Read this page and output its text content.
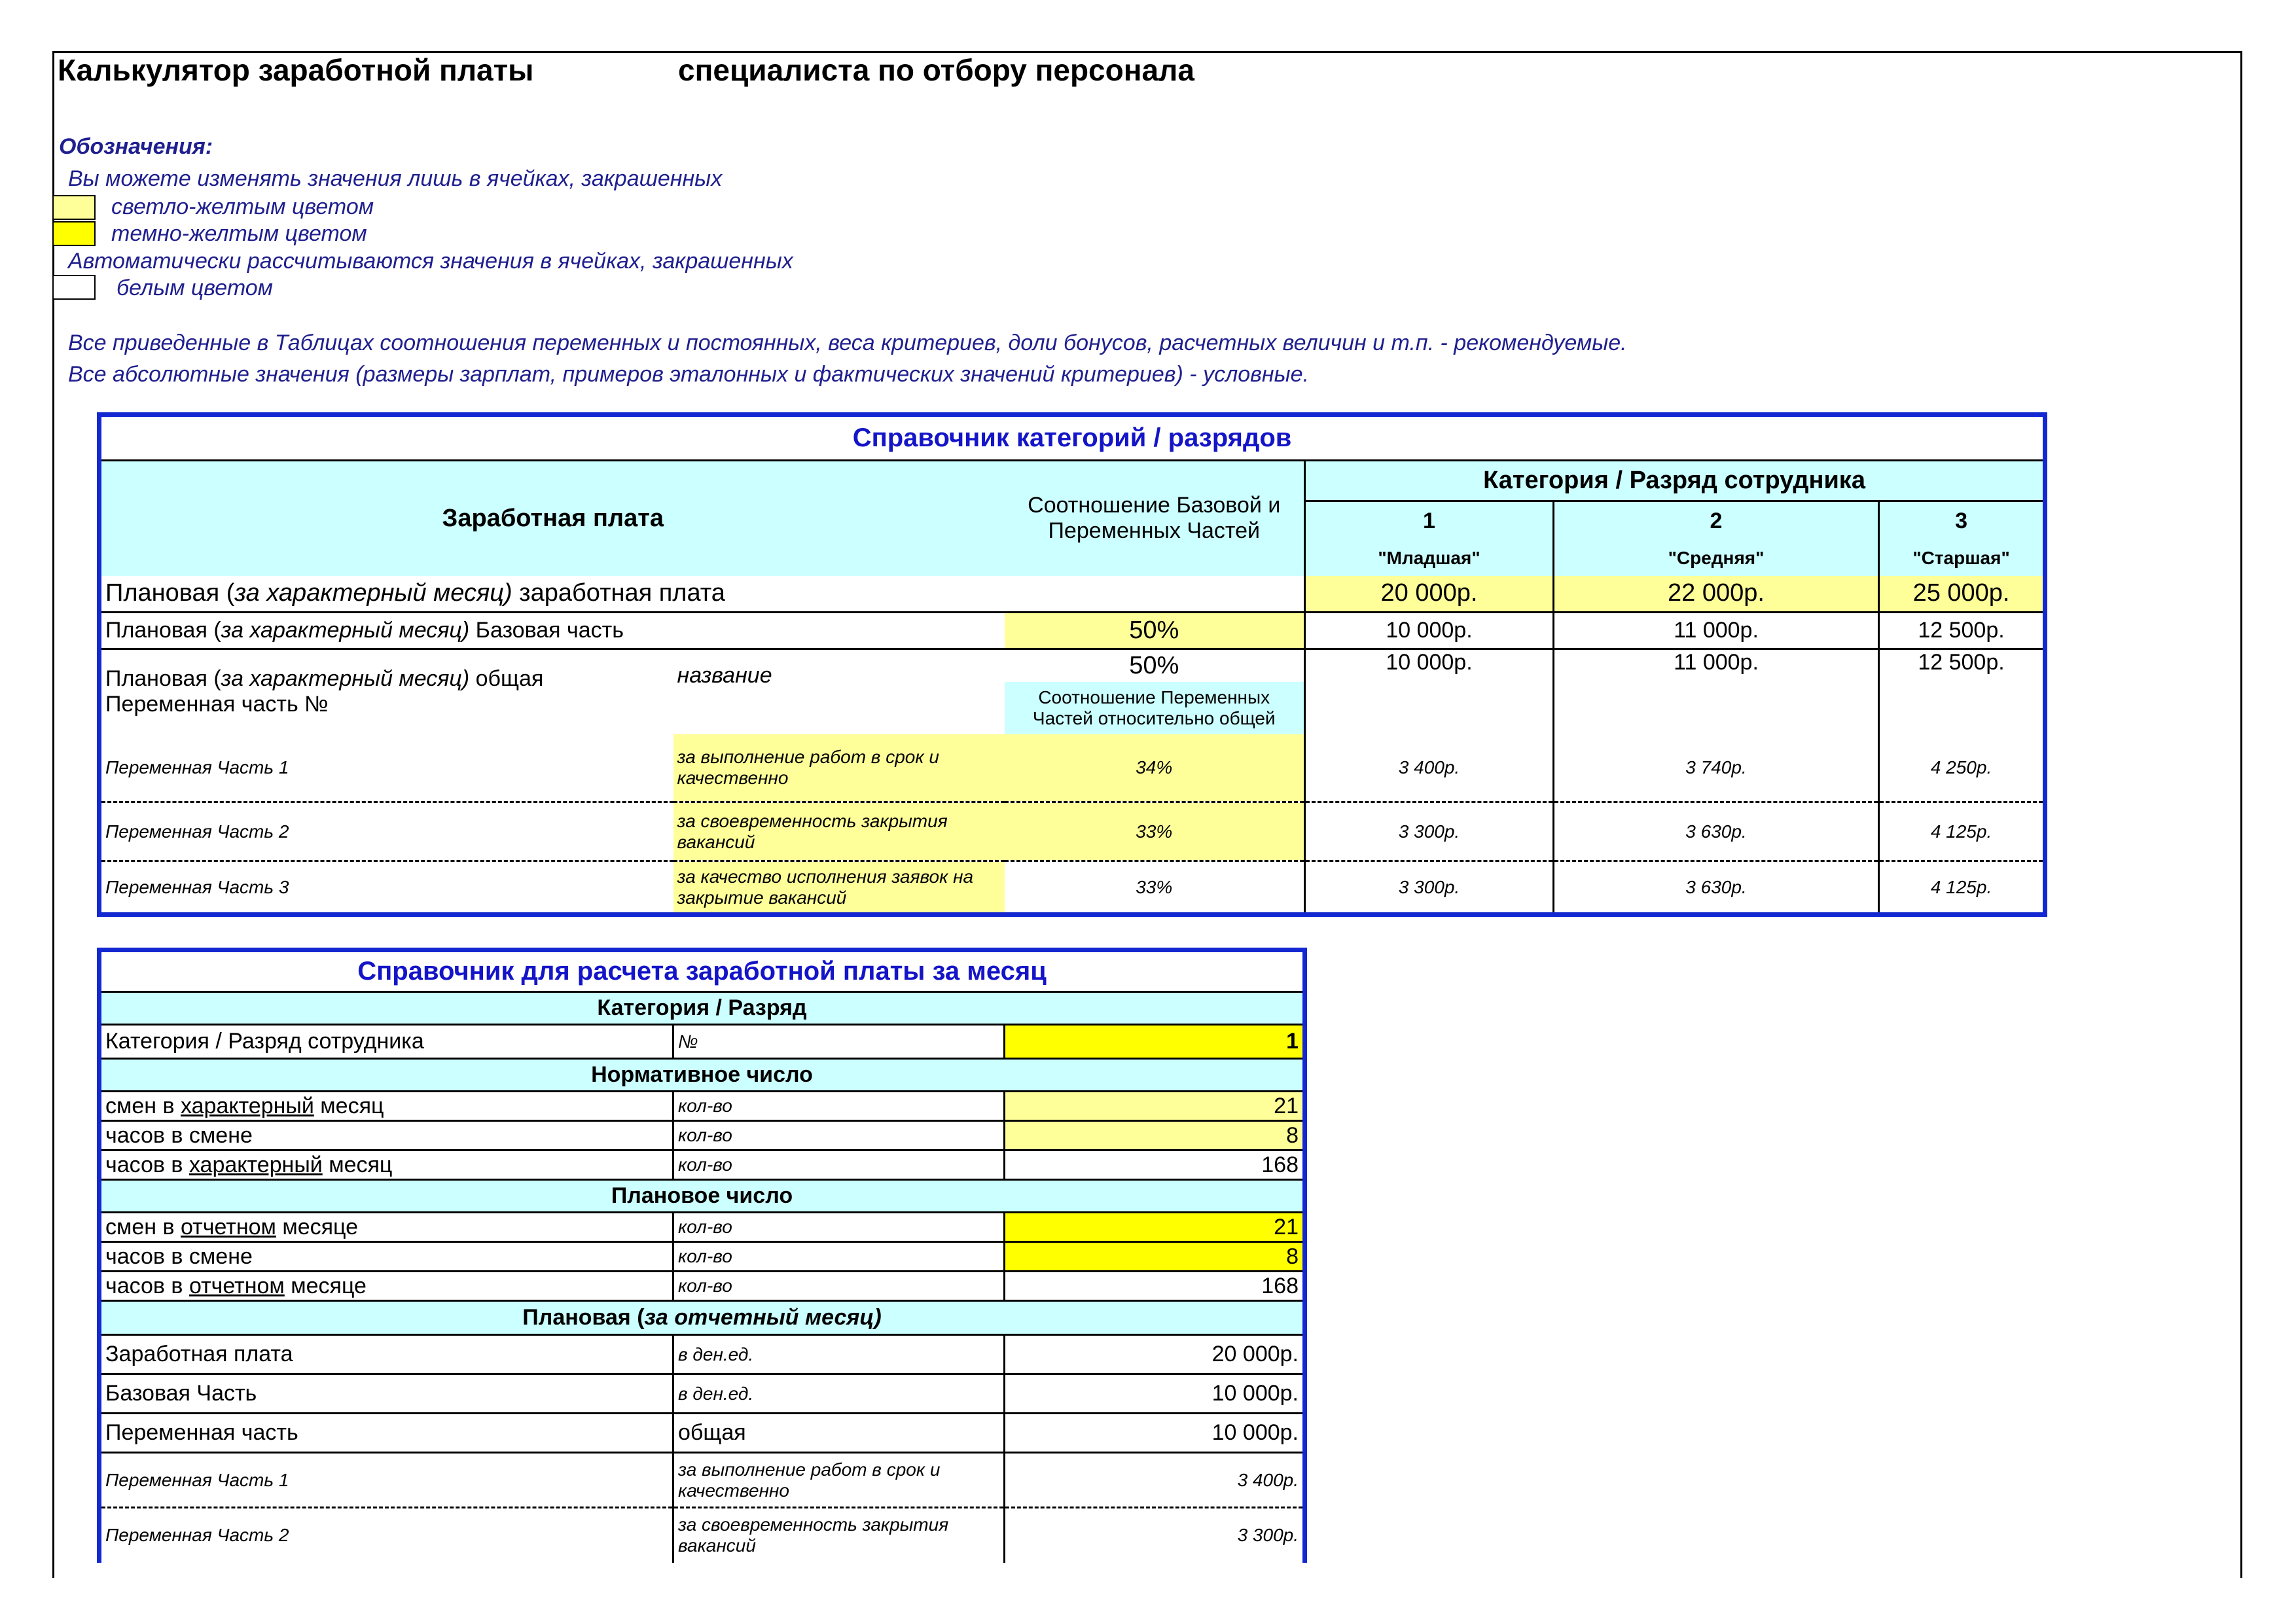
Калькулятор заработной платы	специалиста по отбору персонала
Обозначения:
Вы можете изменять значения лишь в ячейках, закрашенных
светло-желтым цветом
темно-желтым цветом
Автоматически рассчитываются значения в ячейках, закрашенных
белым цветом
Все приведенные в Таблицах соотношения переменных и постоянных, веса критериев, доли бонусов, расчетных величин и т.п. - рекомендуемые.
Все абсолютные значения (размеры зарплат, примеров эталонных и фактических значений критериев) - условные.
Справочник категорий / разрядов					
Заработная плата		Соотношение Базовой и Переменных Частей	Категория / Разряд сотрудника		
			1	2	3
			"Младшая"	"Средняя"	"Старшая"
Плановая (за характерный месяц) заработная плата			20 000р.	22 000р.	25 000р.
Плановая (за характерный месяц) Базовая часть		50%	10 000р.	11 000р.	12 500р.
Плановая (за характерный месяц) общая
Переменная часть №	название	50%	10 000р.	11 000р.	12 500р.
		Соотношение Переменных Частей относительно общей			
Переменная Часть 1	за выполнение работ в срок и качественно	34%	3 400р.	3 740р.	4 250р.
Переменная Часть 2	за своевременность закрытия вакансий	33%	3 300р.	3 630р.	4 125р.
Переменная Часть 3	за качество исполнения заявок на закрытие вакансий	33%	3 300р.	3 630р.	4 125р.
Справочник для расчета заработной платы за месяц		
Категория / Разряд		
Категория / Разряд сотрудника	№	1
Нормативное число		
смен в характерный месяц	кол-во	21
часов в смене	кол-во	8
часов в характерный месяц	кол-во	168
Плановое число		
смен в отчетном месяце	кол-во	21
часов в смене	кол-во	8
часов в отчетном месяце	кол-во	168
Плановая (за отчетный месяц)		
Заработная плата	в ден.ед.	20 000р.
Базовая Часть	в ден.ед.	10 000р.
Переменная часть	общая	10 000р.
Переменная Часть 1	за выполнение работ в срок и качественно	3 400р.
Переменная Часть 2	за своевременность закрытия вакансий	3 300р.
